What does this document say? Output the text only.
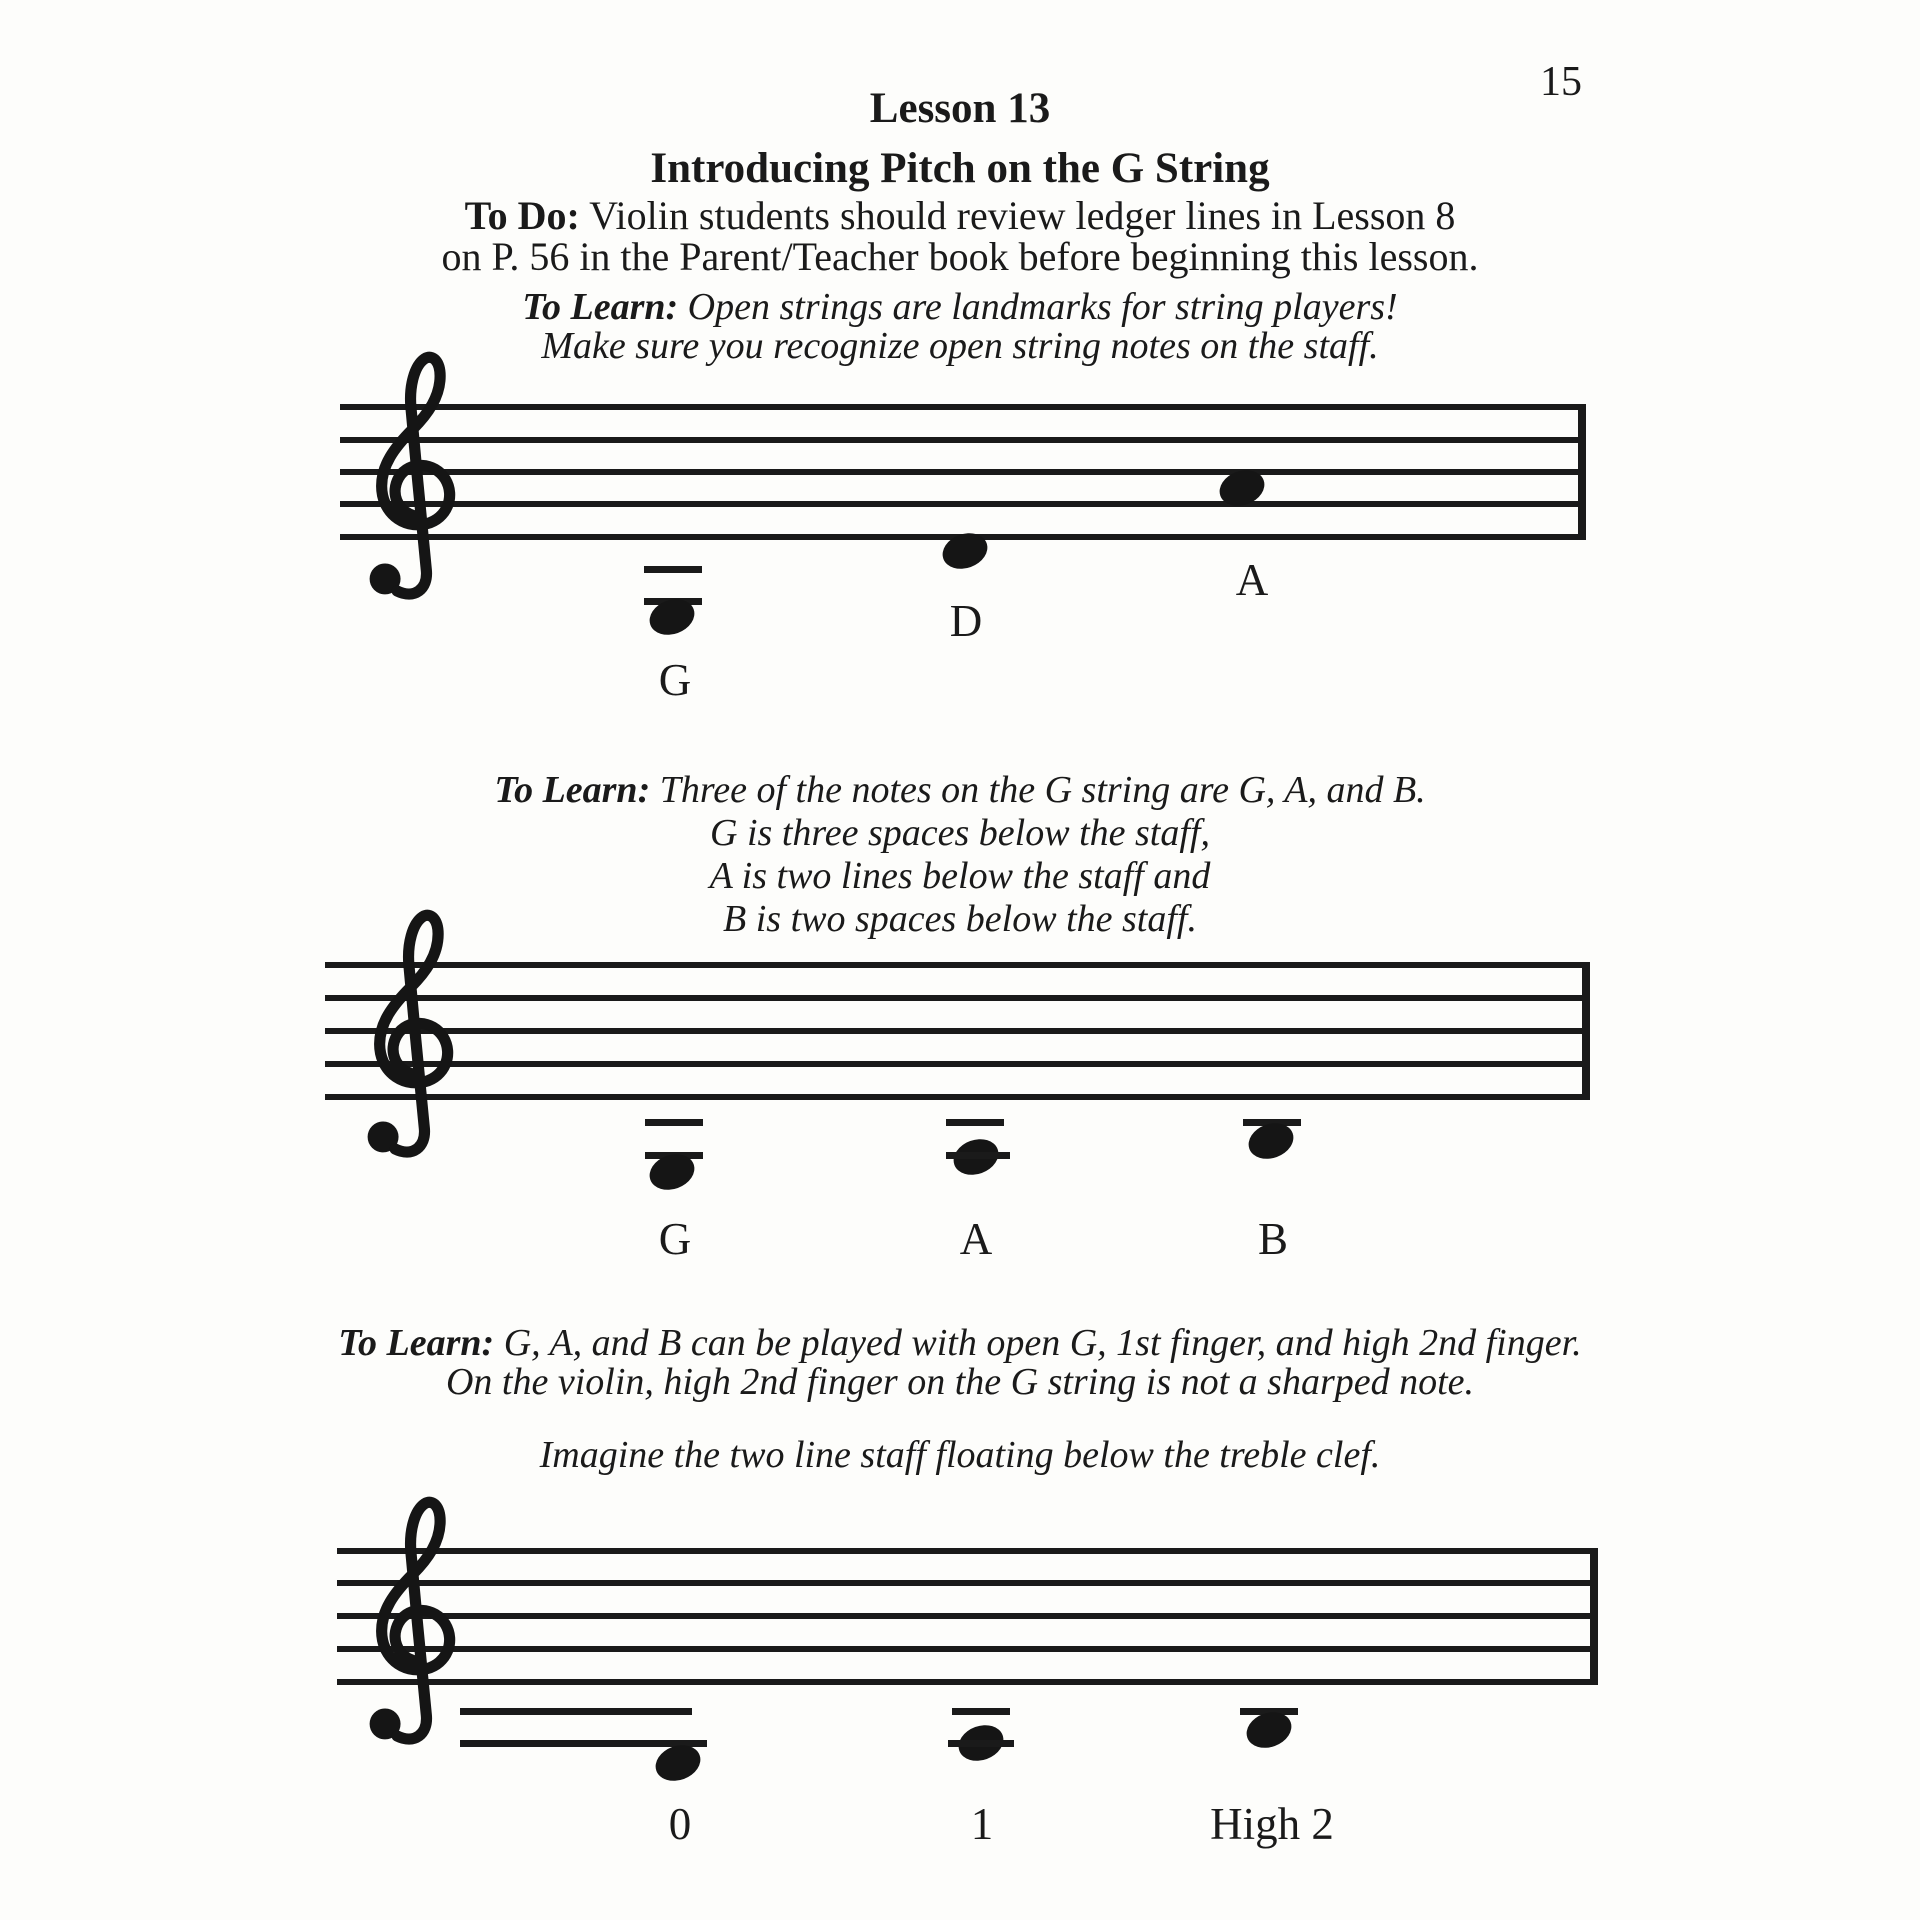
15
Lesson 13
Introducing Pitch on the G String
To Do: Violin students should review ledger lines in Lesson 8
on P. 56 in the Parent/Teacher book before beginning this lesson.
To Learn: Open strings are landmarks for string players!
Make sure you recognize open string notes on the staff.
G
D
A
To Learn: Three of the notes on the G string are G, A, and B.
G is three spaces below the staff,
A is two lines below the staff and
B is two spaces below the staff.
G	A	B
To Learn: G, A, and B can be played with open G, 1st finger, and high 2nd finger.
On the violin, high 2nd finger on the G string is not a sharped note.
Imagine the two line staff floating below the treble clef.
0	1	High 2
